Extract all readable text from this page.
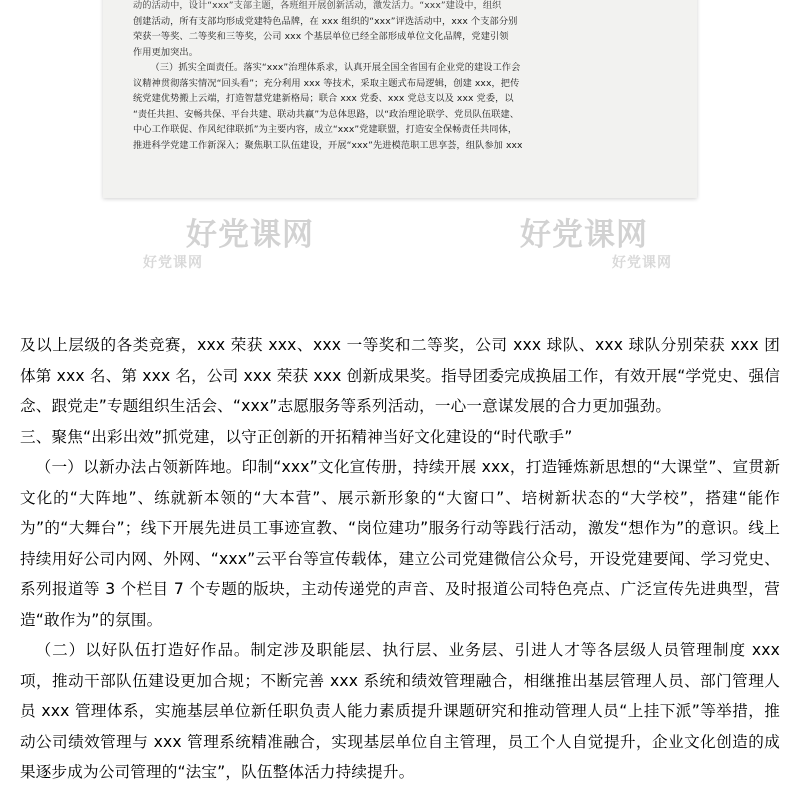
动的活动中，设计“xxx”支部主题，各班组开展创新活动，激发活力。“xxx”建设中，组织
创建活动，所有支部均形成党建特色品牌，在 xxx 组织的“xxx”评选活动中，xxx 个支部分别
荣获一等奖、二等奖和三等奖，公司 xxx 个基层单位已经全部形成单位文化品牌，党建引领
作用更加突出。
（三）抓实全面责任。落实“xxx”治理体系求，认真开展全国全省国有企业党的建设工作会
议精神贯彻落实情况“回头看”；充分利用 xxx 等技术，采取主题式布局逻辑，创建 xxx，把传
统党建优势搬上云端，打造智慧党建新格局；联合 xxx 党委、xxx 党总支以及 xxx 党委，以
“责任共担、安畅共保、平台共建、联动共赢”为总体思路，以“政治理论联学、党员队伍联建、
中心工作联促、作风纪律联抓”为主要内容，成立“xxx”党建联盟，打造安全保畅责任共同体，
推进科学党建工作新深入；聚焦职工队伍建设，开展“xxx”先进模范职工思享荟，组队参加 xxx
好党课网	好党课网
好党课网	好党课网

及以上层级的各类竞赛，xxx 荣获 xxx、xxx 一等奖和二等奖，公司 xxx 球队、xxx 球队分别荣获 xxx 团体第 xxx 名、第 xxx 名，公司 xxx 荣获 xxx 创新成果奖。指导团委完成换届工作，有效开展“学党史、强信念、跟党走”专题组织生活会、“xxx”志愿服务等系列活动，一心一意谋发展的合力更加强劲。

三、聚焦“出彩出效”抓党建，以守正创新的开拓精神当好文化建设的“时代歌手”

（一）以新办法占领新阵地。印制“xxx”文化宣传册，持续开展 xxx，打造锤炼新思想的“大课堂”、宣贯新文化的“大阵地”、练就新本领的“大本营”、展示新形象的“大窗口”、培树新状态的“大学校”，搭建“能作为”的“大舞台”；线下开展先进员工事迹宣教、“岗位建功”服务行动等践行活动，激发“想作为”的意识。线上持续用好公司内网、外网、“xxx”云平台等宣传载体，建立公司党建微信公众号，开设党建要闻、学习党史、系列报道等 3 个栏目 7 个专题的版块，主动传递党的声音、及时报道公司特色亮点、广泛宣传先进典型，营造“敢作为”的氛围。

（二）以好队伍打造好作品。制定涉及职能层、执行层、业务层、引进人才等各层级人员管理制度 xxx 项，推动干部队伍建设更加合规；不断完善 xxx 系统和绩效管理融合，相继推出基层管理人员、部门管理人员 xxx 管理体系，实施基层单位新任职负责人能力素质提升课题研究和推动管理人员“上挂下派”等举措，推动公司绩效管理与 xxx 管理系统精准融合，实现基层单位自主管理，员工个人自觉提升，企业文化创造的成果逐步成为公司管理的“法宝”，队伍整体活力持续提升。
